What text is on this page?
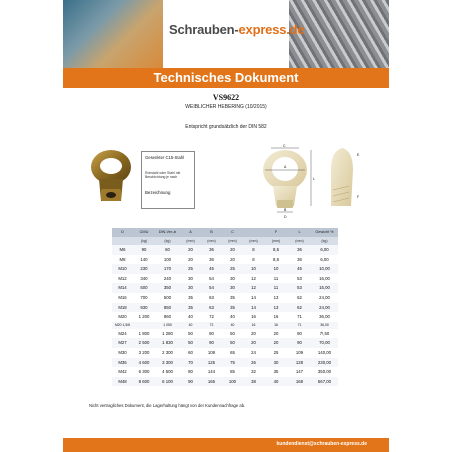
Schrauben-express.de
Technisches Dokument
VS9622
WEIBLICHER HEBERING (10/2015)
Entspricht grundsätzlich der DIN 582
Gesenkter C15-Stahl
Rohstahl oder Stahl mit Beschichtung je nach
Bezeichnung
C
A
B
D
L
E
F
D	CMU	DIN-Ver-zi	A	B	C		F	L	Gewicht %
	(kg)	(kg)	(mm)	(mm)	(mm)	(mm)	(mm)	(mm)	(kg)
M6	90	60	20	36	20	8	8,5	36	6,00
M8	140	100	20	36	20	8	8,5	36	6,00
M10	230	170	25	45	25	10	10	45	10,00
M12	340	240	30	54	30	12	11	53	16,00
M14	500	350	30	54	30	12	11	53	15,00
M16	700	500	35	63	35	14	13	62	24,00
M18	930	850	35	63	35	14	13	62	24,00
M20	1 200	860	40	72	40	16	16	71	36,00
M20 1,5/6		1 050	40	72	40	16	16	71	36,00
M24	1 800	1 280	50	90	50	20	20	90	7!,50
M27	2 500	1 830	50	90	50	20	20	90	70,00
M30	3 200	2 300	60	108	65	24	25	109	140,00
M36	4 600	3 300	70	125	75	26	30	128	230,00
M42	6 300	4 500	80	144	85	32	35	147	350,00
M48	8 600	6 100	90	166	100	38	40	168	567,00
Nicht vertragliches Dokument, die Lagerhaltung hängt von der Kundennachfrage ab.
kundendienst@schrauben-express.de
